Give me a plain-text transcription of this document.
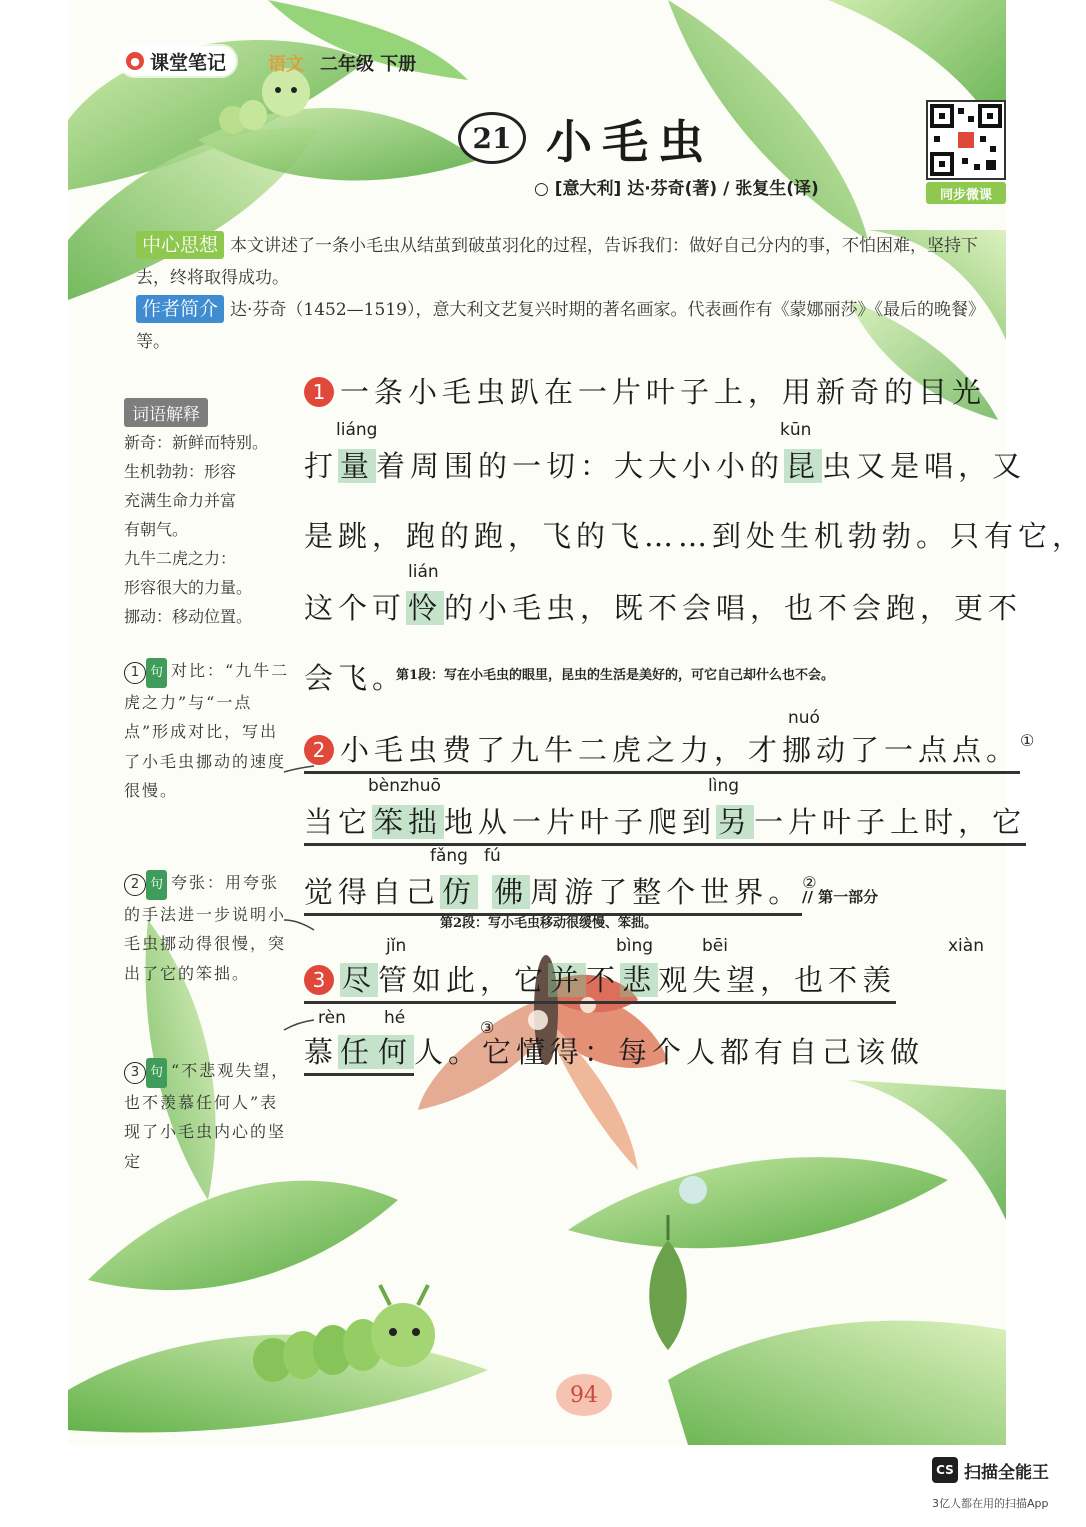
● 课堂笔记 语文 二年级 下册
21 小毛虫
○ [意大利] 达·芬奇(著) / 张复生(译)	同步微课
中心思想 本文讲述了一条小毛虫从结茧到破茧羽化的过程，告诉我们：做好自己分内的事，不怕困难，坚持下去，终将取得成功。
作者简介 达·芬奇（1452—1519），意大利文艺复兴时期的著名画家。代表画作有《蒙娜丽莎》《最后的晚餐》等。
词语解释
新奇：新鲜而特别。
生机勃勃：形容
充满生命力并富
有朝气。
九牛二虎之力：
形容很大的力量。
挪动：移动位置。
1 句 对比：“九牛二虎之力”与“一点点”形成对比，写出了小毛虫挪动的速度很慢。
2 句 夸张：用夸张的手法进一步说明小毛虫挪动得很慢，突出了它的笨拙。
3 句 “不悲观失望，也不羡慕任何人”表现了小毛虫内心的坚定
liáng	kūn
lián
1 一条小毛虫趴在一片叶子上，用新奇的目光
打量着周围的一切：大大小小的昆虫又是唱，又
是跳，跑的跑，飞的飞……到处生机勃勃。只有它，
这个可怜的小毛虫，既不会唱，也不会跑，更不
会飞。
第1段：写在小毛虫的眼里，昆虫的生活是美好的，可它自己却什么也不会。
nuó
bènzhuō	lìng
fǎng fú
2 小毛虫费了九牛二虎之力，才挪动了一点点。①
当它笨拙地从一片叶子爬到另一片叶子上时，它
觉得自己仿 佛周游了整个世界。②
// 第一部分
第2段：写小毛虫移动很缓慢、笨拙。
jǐn	bìng	bēi	xiàn
rèn hé
3 尽管如此，它并不悲观失望，也不羡
慕任 何人。它懂得：每个人都有自己该做
③
94
CS 扫描全能王
3亿人都在用的扫描App
